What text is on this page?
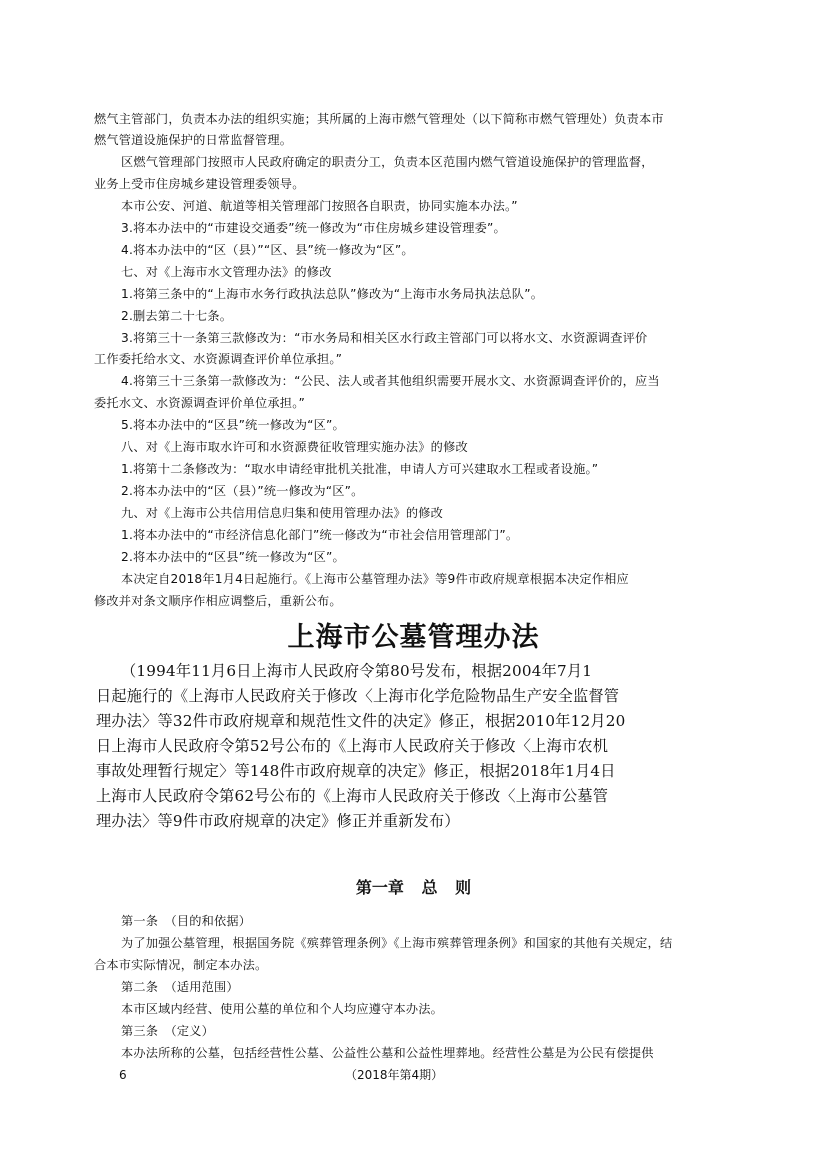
燃气主管部门，负责本办法的组织实施；其所属的上海市燃气管理处（以下简称市燃气管理处）负责本市
燃气管道设施保护的日常监督管理。
区燃气管理部门按照市人民政府确定的职责分工，负责本区范围内燃气管道设施保护的管理监督，
业务上受市住房城乡建设管理委领导。
本市公安、河道、航道等相关管理部门按照各自职责，协同实施本办法。”
3.将本办法中的“市建设交通委”统一修改为“市住房城乡建设管理委”。
4.将本办法中的“区（县）”“区、县”统一修改为“区”。
七、对《上海市水文管理办法》的修改
1.将第三条中的“上海市水务行政执法总队”修改为“上海市水务局执法总队”。
2.删去第二十七条。
3.将第三十一条第三款修改为：“市水务局和相关区水行政主管部门可以将水文、水资源调查评价
工作委托给水文、水资源调查评价单位承担。”
4.将第三十三条第一款修改为：“公民、法人或者其他组织需要开展水文、水资源调查评价的，应当
委托水文、水资源调查评价单位承担。”
5.将本办法中的“区县”统一修改为“区”。
八、对《上海市取水许可和水资源费征收管理实施办法》的修改
1.将第十二条修改为：“取水申请经审批机关批准，申请人方可兴建取水工程或者设施。”
2.将本办法中的“区（县）”统一修改为“区”。
九、对《上海市公共信用信息归集和使用管理办法》的修改
1.将本办法中的“市经济信息化部门”统一修改为“市社会信用管理部门”。
2.将本办法中的“区县”统一修改为“区”。
本决定自2018年1月4日起施行。《上海市公墓管理办法》等9件市政府规章根据本决定作相应
修改并对条文顺序作相应调整后，重新公布。
上海市公墓管理办法
（1994年11月6日上海市人民政府令第80号发布，根据2004年7月1
日起施行的《上海市人民政府关于修改〈上海市化学危险物品生产安全监督管
理办法〉等32件市政府规章和规范性文件的决定》修正，根据2010年12月20
日上海市人民政府令第52号公布的《上海市人民政府关于修改〈上海市农机
事故处理暂行规定〉等148件市政府规章的决定》修正，根据2018年1月4日
上海市人民政府令第62号公布的《上海市人民政府关于修改〈上海市公墓管
理办法〉等9件市政府规章的决定》修正并重新发布）
第一章 总 则
第一条　（目的和依据）
为了加强公墓管理，根据国务院《殡葬管理条例》《上海市殡葬管理条例》和国家的其他有关规定，结
合本市实际情况，制定本办法。
第二条　（适用范围）
本市区域内经营、使用公墓的单位和个人均应遵守本办法。
第三条　（定义）
本办法所称的公墓，包括经营性公墓、公益性公墓和公益性埋葬地。经营性公墓是为公民有偿提供
6	（2018年第4期）
